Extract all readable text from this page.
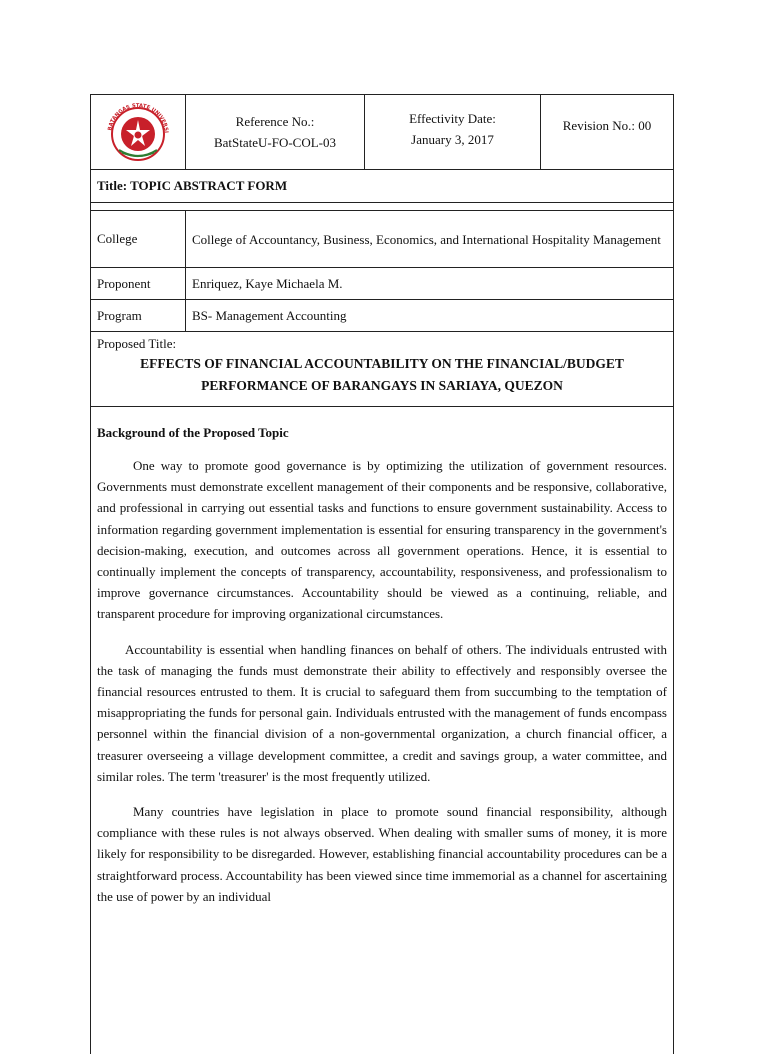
BATANGAS STATE UNIVERSI
Reference No.:
BatStateU-FO-COL-03
Effectivity Date:
January 3, 2017
Revision No.: 00
Title: TOPIC ABSTRACT FORM
College	College of Accountancy, Business, Economics, and International Hospitality Management
Proponent	Enriquez, Kaye Michaela M.
Program	BS- Management Accounting
Proposed Title:
EFFECTS OF FINANCIAL ACCOUNTABILITY ON THE FINANCIAL/BUDGET
PERFORMANCE OF BARANGAYS IN SARIAYA, QUEZON
Background of the Proposed Topic

One way to promote good governance is by optimizing the utilization of government resources. Governments must demonstrate excellent management of their components and be responsive, collaborative, and professional in carrying out essential tasks and functions to ensure government sustainability. Access to information regarding government implementation is essential for ensuring transparency in the government's decision-making, execution, and outcomes across all government operations. Hence, it is essential to continually implement the concepts of transparency, accountability, responsiveness, and professionalism to improve governance circumstances. Accountability should be viewed as a continuing, reliable, and transparent procedure for improving organizational circumstances.

Accountability is essential when handling finances on behalf of others. The individuals entrusted with the task of managing the funds must demonstrate their ability to effectively and responsibly oversee the financial resources entrusted to them. It is crucial to safeguard them from succumbing to the temptation of misappropriating the funds for personal gain. Individuals entrusted with the management of funds encompass personnel within the financial division of a non-governmental organization, a church financial officer, a treasurer overseeing a village development committee, a credit and savings group, a water committee, and similar roles. The term 'treasurer' is the most frequently utilized.

Many countries have legislation in place to promote sound financial responsibility, although compliance with these rules is not always observed. When dealing with smaller sums of money, it is more likely for responsibility to be disregarded. However, establishing financial accountability procedures can be a straightforward process. Accountability has been viewed since time immemorial as a channel for ascertaining the use of power by an individual
